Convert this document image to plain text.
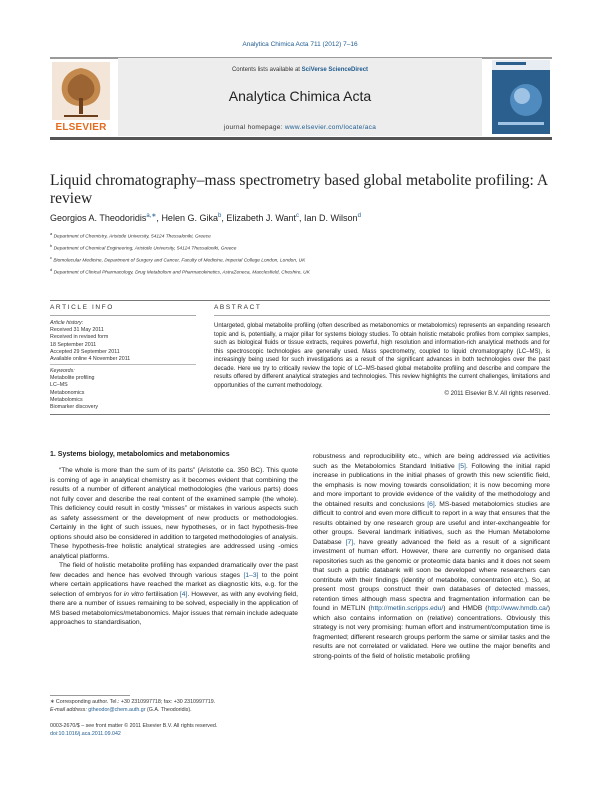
Analytica Chimica Acta 711 (2012) 7–16
ELSEVIER
Contents lists available at SciVerse ScienceDirect
Analytica Chimica Acta
journal homepage: www.elsevier.com/locate/aca
Liquid chromatography–mass spectrometry based global metabolite profiling: A review
Georgios A. Theodoridis$^{a,∗}$, Helen G. Gika$^b$, Elizabeth J. Want$^c$, Ian D. Wilson$^d$
$^a$ Department of Chemistry, Aristotle University, 54124 Thessaloniki, Greece
$^b$ Department of Chemical Engineering, Aristotle University, 54124 Thessaloniki, Greece
$^c$ Biomolecular Medicine, Department of Surgery and Cancer, Faculty of Medicine, Imperial College London, London, UK
$^d$ Department of Clinical Pharmacology, Drug Metabolism and Pharmacokinetics, AstraZeneca, Macclesfield, Cheshire, UK
ARTICLE INFO	ABSTRACT
Article history:
Received 31 May 2011
Received in revised form
18 September 2011
Accepted 29 September 2011
Available online 4 November 2011
Keywords:
Metabolite profiling
LC–MS
Metabonomics
Metabolomics
Biomarker discovery
Untargeted, global metabolite profiling (often described as metabonomics or metabolomics) represents an expanding research topic and is, potentially, a major pillar for systems biology studies. To obtain holistic metabolic profiles from complex samples, such as biological fluids or tissue extracts, requires powerful, high resolution and information-rich analytical methods and for this spectroscopic technologies are generally used. Mass spectrometry, coupled to liquid chromatography (LC–MS), is increasingly being used for such investigations as a result of the significant advances in both technologies over the past decade. Here we try to critically review the topic of LC–MS-based global metabolite profiling and describe and compare the results offered by different analytical strategies and technologies. This review highlights the current challenges, limitations and opportunities of the current methodology.
© 2011 Elsevier B.V. All rights reserved.
1. Systems biology, metabolomics and metabonomics

“The whole is more than the sum of its parts” (Aristotle ca. 350 BC). This quote is coming of age in analytical chemistry as it becomes evident that combining the results of a number of different analytical methodologies (the various parts) does not fully cover and describe the real content of the examined sample (the whole). This deficiency could result in costly “misses” or mistakes in various aspects such as safety assessment or the development of new products or methodologies. Certainly in the light of such issues, new hypotheses, or in fact hypothesis-free options should also be considered in addition to targeted methodologies of analysis. These hypothesis-free holistic analytical strategies are addressed using -omics analytical platforms.

The field of holistic metabolite profiling has expanded dramatically over the past few decades and hence has evolved through various stages [1–3] to the point where certain applications have reached the market as diagnostic kits, e.g. for the selection of embryos for in vitro fertilisation [4]. However, as with any evolving field, there are a number of issues remaining to be solved, especially in the application of MS based metabolomics/metabonomics. Major issues that remain include adequate approaches to standardisation,

robustness and reproducibility etc., which are being addressed via activities such as the Metabolomics Standard Initiative [5]. Following the initial rapid increase in publications in the initial phases of growth this new scientific field, the emphasis is now moving towards consolidation; it is now becoming more and more important to provide evidence of the validity of the methodology and the obtained results and conclusions [6]. MS-based metabolomics studies are difficult to control and even more difficult to report in a way that ensures that the results obtained by one research group are useful and inter-exchangeable for other groups. Several landmark initiatives, such as the Human Metabolome Database [7], have greatly advanced the field as a result of a significant investment of human effort. However, there are currently no organised data repositories such as the genomic or proteomic data banks and it does not seem that such a public databank will soon be developed where researchers can contribute with their findings (identity of metabolite, concentration etc.). So, at present most groups construct their own databases of detected masses, retention times although mass spectra and fragmentation information can be found in METLIN (http://metlin.scripps.edu/) and HMDB (http://www.hmdb.ca/) which also contains information on (relative) concentrations. Obviously this strategy is not very promising: human effort and instrument/computation time is fragmented; different research groups perform the same or similar tasks and the results are not correlated or validated. Here we outline the major benefits and strong-points of the field of holistic metabolic profiling

∗ Corresponding author. Tel.: +30 2310997718; fax: +30 2310997719.
E-mail address: gtheodor@chem.auth.gr (G.A. Theodoridis).
0003-2670/$ – see front matter © 2011 Elsevier B.V. All rights reserved.
doi:10.1016/j.aca.2011.09.042
